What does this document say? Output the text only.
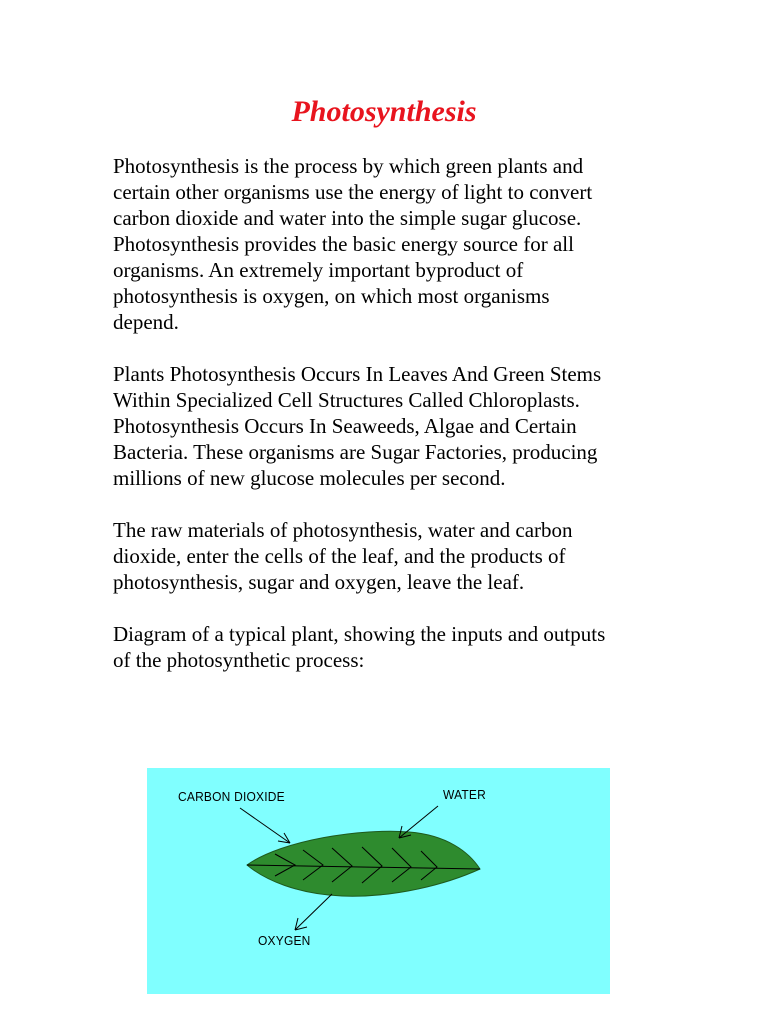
Photosynthesis

Photosynthesis is the process by which green plants and
certain other organisms use the energy of light to convert
carbon dioxide and water into the simple sugar glucose.
Photosynthesis provides the basic energy source for all
organisms. An extremely important byproduct of
photosynthesis is oxygen, on which most organisms
depend.

Plants Photosynthesis Occurs In Leaves And Green Stems
Within Specialized Cell Structures Called Chloroplasts.
Photosynthesis Occurs In Seaweeds, Algae and Certain
Bacteria. These organisms are Sugar Factories, producing
millions of new glucose molecules per second.

The raw materials of photosynthesis, water and carbon
dioxide, enter the cells of the leaf, and the products of
photosynthesis, sugar and oxygen, leave the leaf.

Diagram of a typical plant, showing the inputs and outputs
of the photosynthetic process:

CARBON DIOXIDE	WATER
OXYGEN
